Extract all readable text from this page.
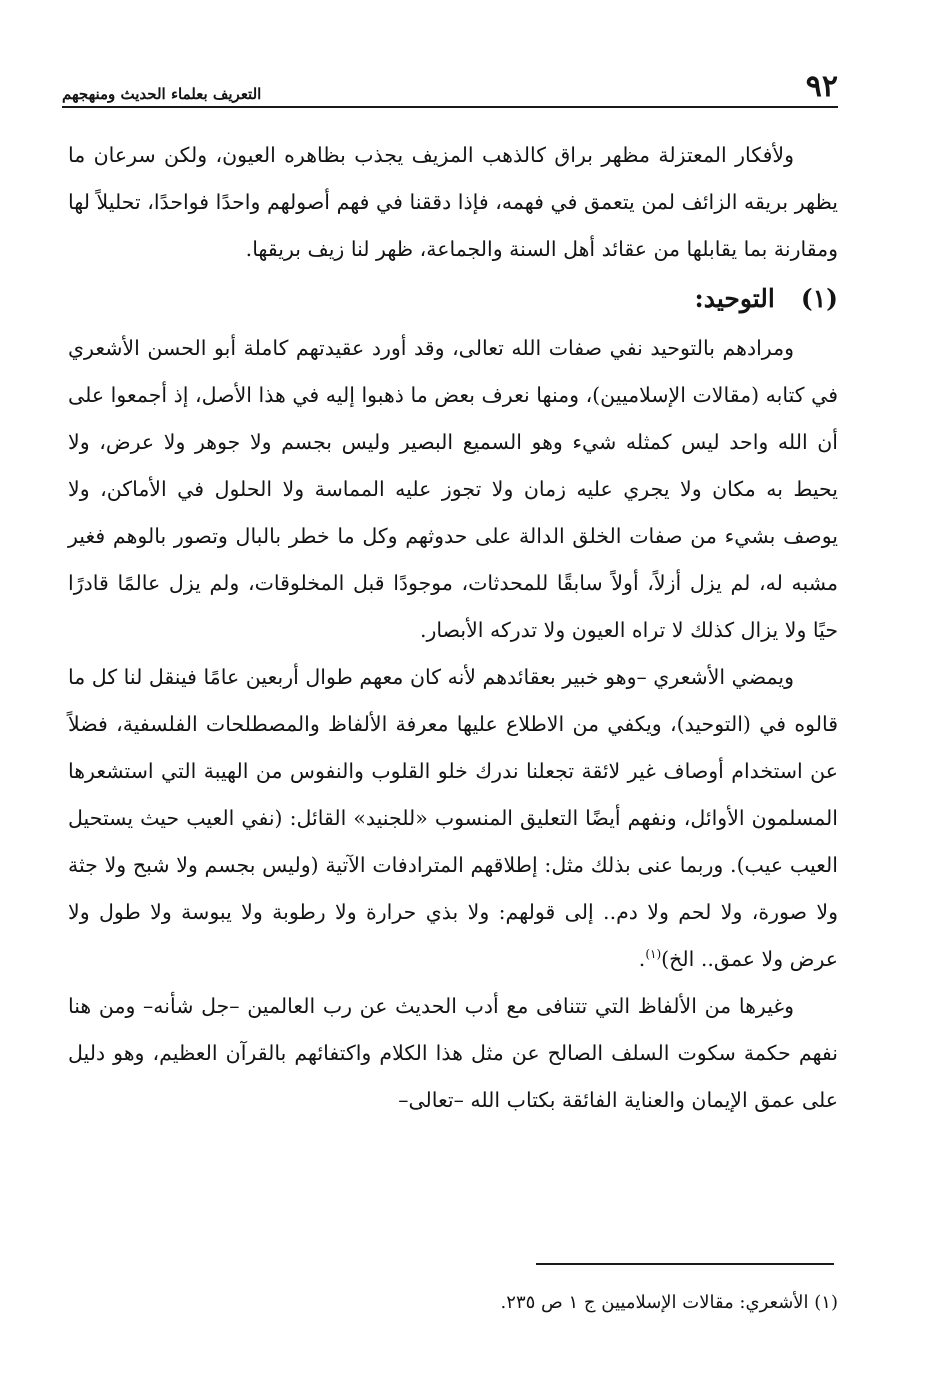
٩٢
التعريف بعلماء الحديث ومنهجهم

ولأفكار المعتزلة مظهر براق كالذهب المزيف يجذب بظاهره العيون، ولكن سرعان ما يظهر بريقه الزائف لمن يتعمق في فهمه، فإذا دققنا في فهم أصولهم واحدًا فواحدًا، تحليلاً لها ومقارنة بما يقابلها من عقائد أهل السنة والجماعة، ظهر لنا زيف بريقها.

(١)التوحيد:

ومرادهم بالتوحيد نفي صفات الله تعالى، وقد أورد عقيدتهم كاملة أبو الحسن الأشعري في كتابه (مقالات الإسلاميين)، ومنها نعرف بعض ما ذهبوا إليه في هذا الأصل، إذ أجمعوا على أن الله واحد ليس كمثله شيء وهو السميع البصير وليس بجسم ولا جوهر ولا عرض، ولا يحيط به مكان ولا يجري عليه زمان ولا تجوز عليه المماسة ولا الحلول في الأماكن، ولا يوصف بشيء من صفات الخلق الدالة على حدوثهم وكل ما خطر بالبال وتصور بالوهم فغير مشبه له، لم يزل أزلاً، أولاً سابقًا للمحدثات، موجودًا قبل المخلوقات، ولم يزل عالمًا قادرًا حيًا ولا يزال كذلك لا تراه العيون ولا تدركه الأبصار.

ويمضي الأشعري –وهو خبير بعقائدهم لأنه كان معهم طوال أربعين عامًا فينقل لنا كل ما قالوه في (التوحيد)، ويكفي من الاطلاع عليها معرفة الألفاظ والمصطلحات الفلسفية، فضلاً عن استخدام أوصاف غير لائقة تجعلنا ندرك خلو القلوب والنفوس من الهيبة التي استشعرها المسلمون الأوائل، ونفهم أيضًا التعليق المنسوب «للجنيد» القائل: (نفي العيب حيث يستحيل العيب عيب). وربما عنى بذلك مثل: إطلاقهم المترادفات الآتية (وليس بجسم ولا شبح ولا جثة ولا صورة، ولا لحم ولا دم.. إلى قولهم: ولا بذي حرارة ولا رطوبة ولا يبوسة ولا طول ولا عرض ولا عمق.. الخ)$^{(١)}$.

وغيرها من الألفاظ التي تتنافى مع أدب الحديث عن رب العالمين –جل شأنه– ومن هنا نفهم حكمة سكوت السلف الصالح عن مثل هذا الكلام واكتفائهم بالقرآن العظيم، وهو دليل على عمق الإيمان والعناية الفائقة بكتاب الله –تعالى–

(١) الأشعري: مقالات الإسلاميين ج ١ ص ٢٣٥.
